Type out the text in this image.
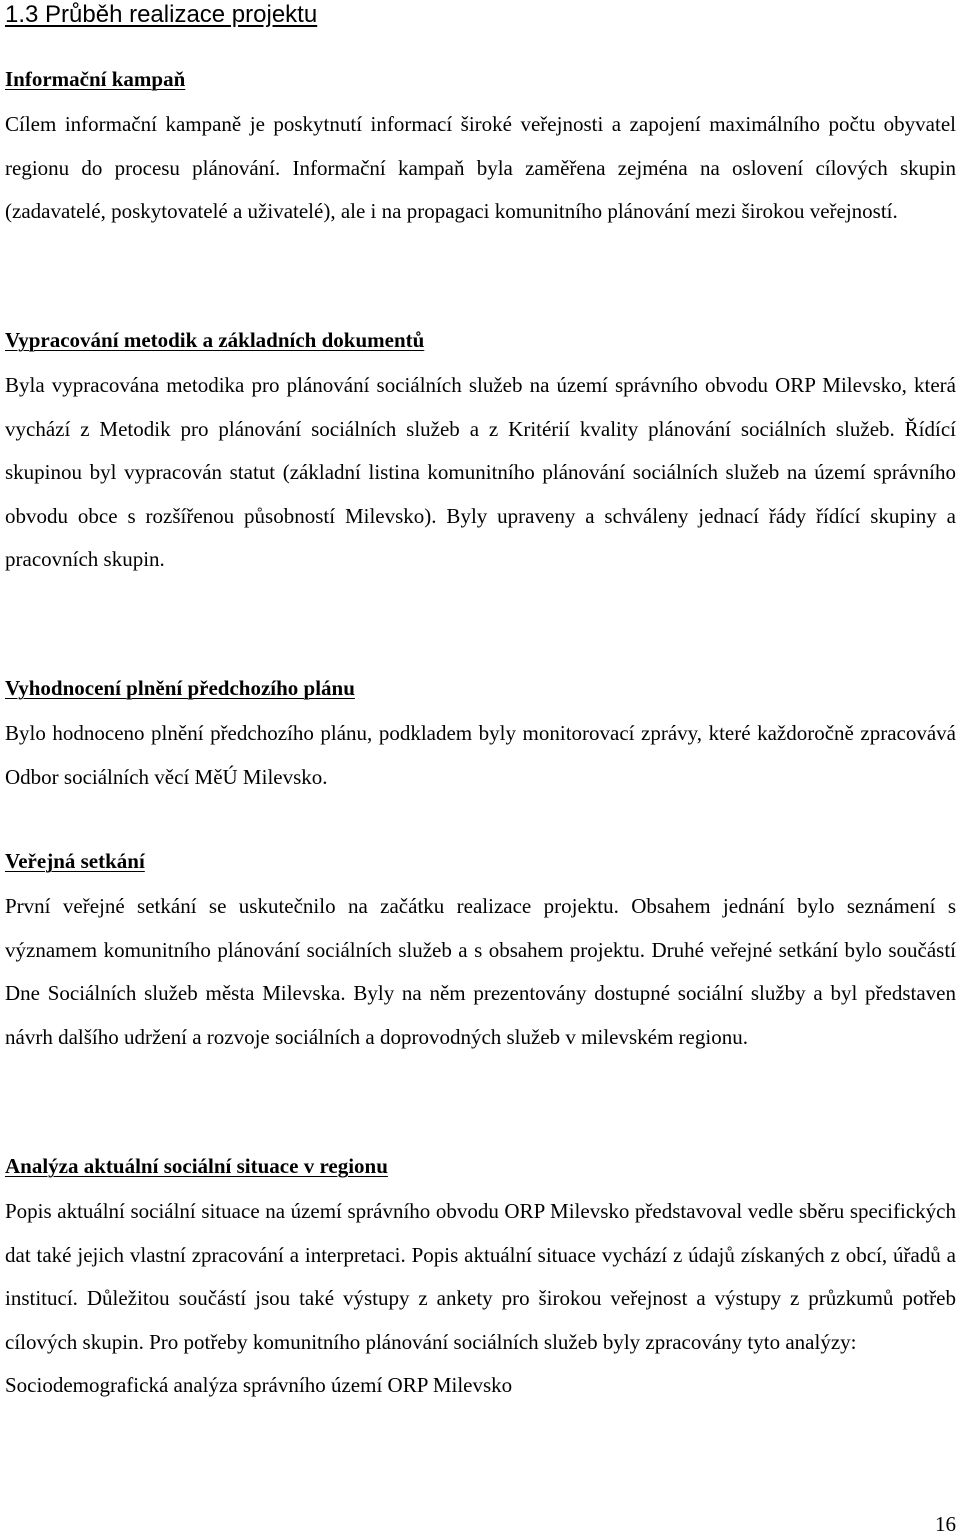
1.3 Průběh realizace projektu
Informační kampaň

Cílem informační kampaně je poskytnutí informací široké veřejnosti a zapojení maximálního počtu obyvatel regionu do procesu plánování. Informační kampaň byla zaměřena zejména na oslovení cílových skupin (zadavatelé, poskytovatelé a uživatelé), ale i na propagaci komunitního plánování mezi širokou veřejností.

Vypracování metodik a základních dokumentů

Byla vypracována metodika pro plánování sociálních služeb na území správního obvodu ORP Milevsko, která vychází z Metodik pro plánování sociálních služeb a z Kritérií kvality plánování sociálních služeb. Řídící skupinou byl vypracován statut (základní listina komunitního plánování sociálních služeb na území správního obvodu obce s rozšířenou působností Milevsko). Byly upraveny a schváleny jednací řády řídící skupiny a pracovních skupin.

Vyhodnocení plnění předchozího plánu

Bylo hodnoceno plnění předchozího plánu, podkladem byly monitorovací zprávy, které každoročně zpracovává Odbor sociálních věcí MěÚ Milevsko.

Veřejná setkání

První veřejné setkání se uskutečnilo na začátku realizace projektu. Obsahem jednání bylo seznámení s významem komunitního plánování sociálních služeb a s obsahem projektu. Druhé veřejné setkání bylo součástí Dne Sociálních služeb města Milevska. Byly na něm prezentovány dostupné sociální služby a byl představen návrh dalšího udržení a rozvoje sociálních a doprovodných služeb v milevském regionu.

Analýza aktuální sociální situace v regionu

Popis aktuální sociální situace na území správního obvodu ORP Milevsko představoval vedle sběru specifických dat také jejich vlastní zpracování a interpretaci. Popis aktuální situace vychází z údajů získaných z obcí, úřadů a institucí. Důležitou součástí jsou také výstupy z ankety pro širokou veřejnost a výstupy z průzkumů potřeb cílových skupin. Pro potřeby komunitního plánování sociálních služeb byly zpracovány tyto analýzy:

Sociodemografická analýza správního území ORP Milevsko

16
